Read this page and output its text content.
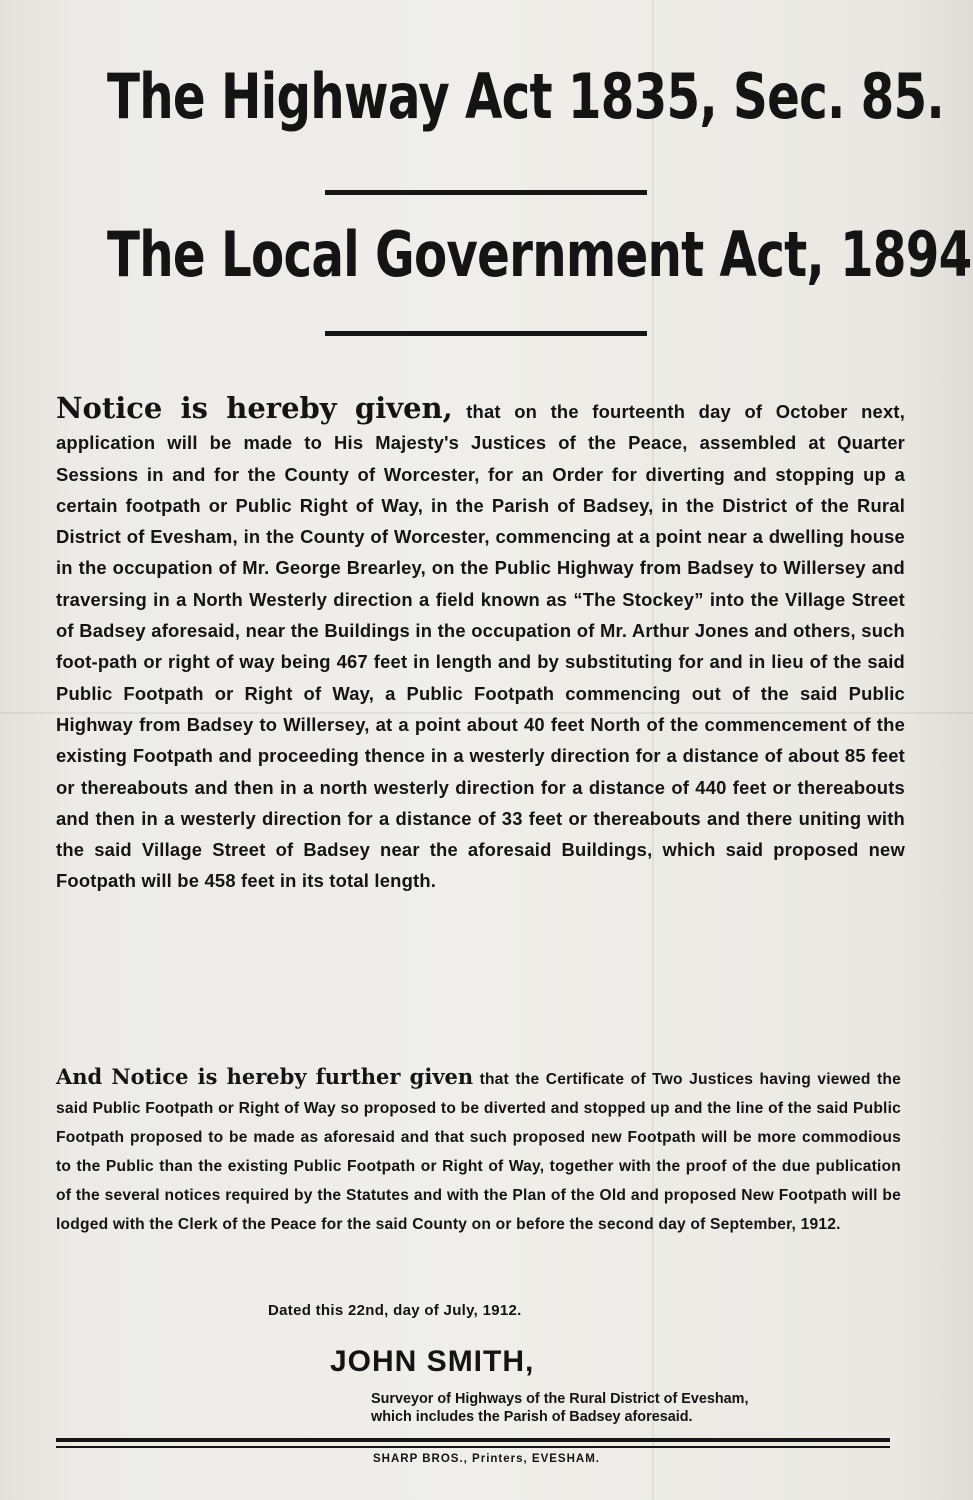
The Highway Act 1835, Sec. 85.
The Local Government Act, 1894

Notice is hereby given, that on the fourteenth day of October next, application will be made to His Majesty's Justices of the Peace, assembled at Quarter Sessions in and for the County of Worcester, for an Order for diverting and stopping up a certain footpath or Public Right of Way, in the Parish of Badsey, in the District of the Rural District of Evesham, in the County of Worcester, commencing at a point near a dwelling house in the occupation of Mr. George Brearley, on the Public Highway from Badsey to Willersey and traversing in a North Westerly direction a field known as “The Stockey” into the Village Street of Badsey aforesaid, near the Buildings in the occupation of Mr. Arthur Jones and others, such foot-path or right of way being 467 feet in length and by substituting for and in lieu of the said Public Footpath or Right of Way, a Public Footpath commencing out of the said Public Highway from Badsey to Willersey, at a point about 40 feet North of the commencement of the existing Footpath and proceeding thence in a westerly direction for a distance of about 85 feet or thereabouts and then in a north westerly direction for a distance of 440 feet or thereabouts and then in a westerly direction for a distance of 33 feet or thereabouts and there uniting with the said Village Street of Badsey near the aforesaid Buildings, which said proposed new Footpath will be 458 feet in its total length.

And Notice is hereby further given that the Certificate of Two Justices having viewed the said Public Footpath or Right of Way so proposed to be diverted and stopped up and the line of the said Public Footpath proposed to be made as aforesaid and that such proposed new Footpath will be more commodious to the Public than the existing Public Footpath or Right of Way, together with the proof of the due publication of the several notices required by the Statutes and with the Plan of the Old and proposed New Footpath will be lodged with the Clerk of the Peace for the said County on or before the second day of September, 1912.

Dated this 22nd, day of July, 1912.

JOHN SMITH,

Surveyor of Highways of the Rural District of Evesham,
which includes the Parish of Badsey aforesaid.

SHARP BROS., Printers, EVESHAM.
